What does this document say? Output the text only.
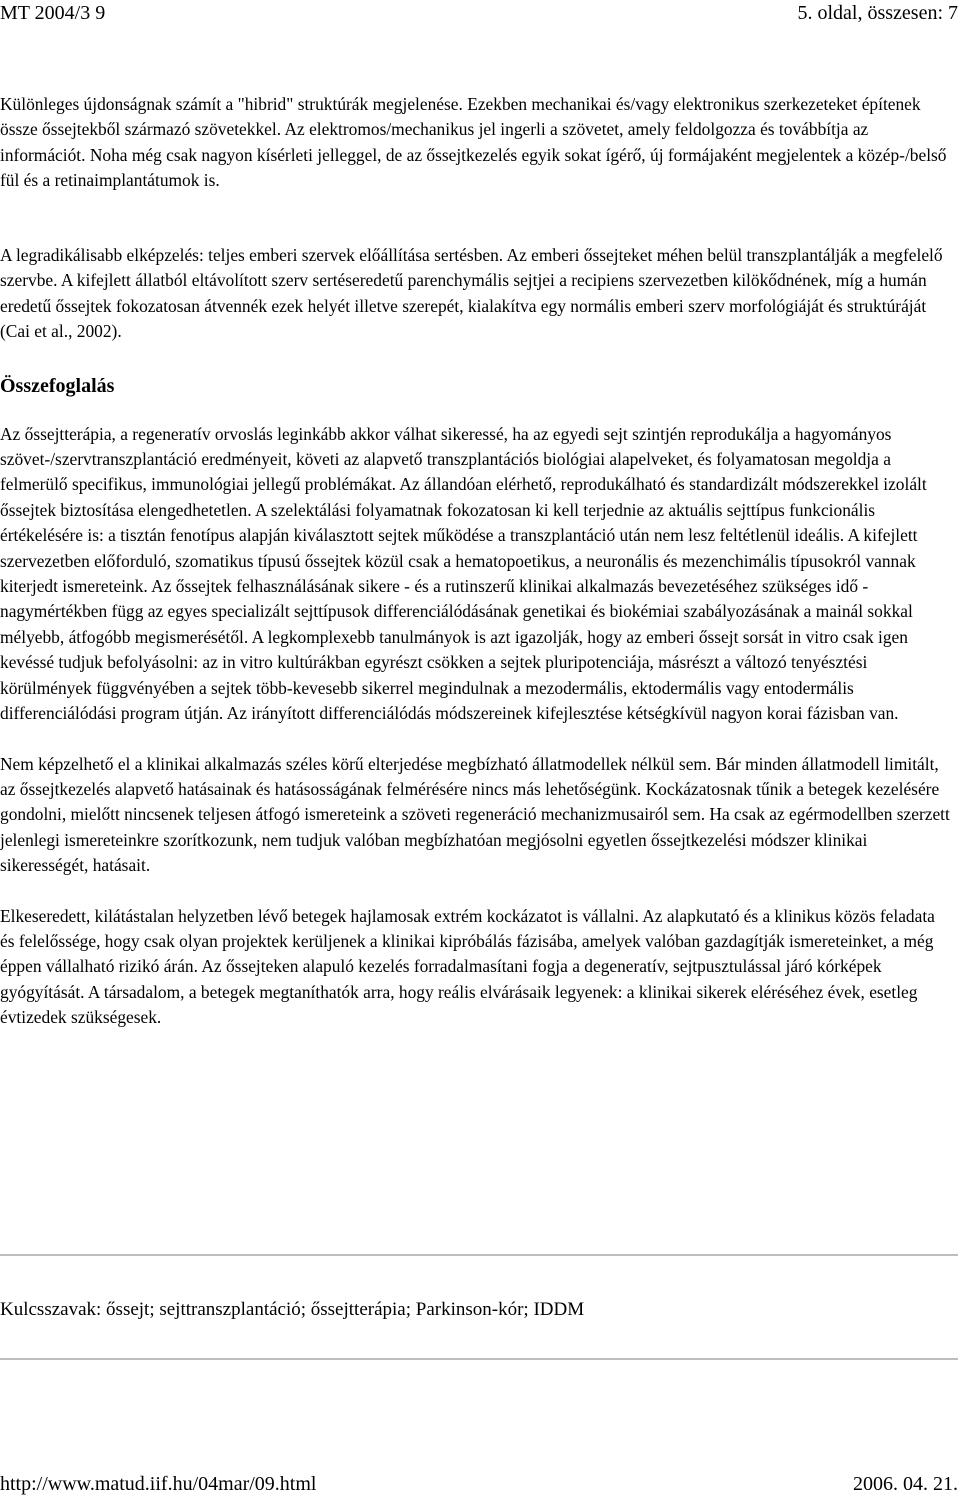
MT 2004/3 9	5. oldal, összesen: 7

Különleges újdonságnak számít a "hibrid" struktúrák megjelenése. Ezekben mechanikai és/vagy elektronikus szerkezeteket építenek össze őssejtekből származó szövetekkel. Az elektromos/mechanikus jel ingerli a szövetet, amely feldolgozza és továbbítja az információt. Noha még csak nagyon kísérleti jelleggel, de az őssejtkezelés egyik sokat ígérő, új formájaként megjelentek a közép-/belső fül és a retinaimplantátumok is.

A legradikálisabb elképzelés: teljes emberi szervek előállítása sertésben. Az emberi őssejteket méhen belül transzplantálják a megfelelő szervbe. A kifejlett állatból eltávolított szerv sertéseredetű parenchymális sejtjei a recipiens szervezetben kilökődnének, míg a humán eredetű őssejtek fokozatosan átvennék ezek helyét illetve szerepét, kialakítva egy normális emberi szerv morfológiáját és struktúráját (Cai et al., 2002).

Összefoglalás

Az őssejtterápia, a regeneratív orvoslás leginkább akkor válhat sikeressé, ha az egyedi sejt szintjén reprodukálja a hagyományos szövet-/szervtranszplantáció eredményeit, követi az alapvető transzplantációs biológiai alapelveket, és folyamatosan megoldja a felmerülő specifikus, immunológiai jellegű problémákat. Az állandóan elérhető, reprodukálható és standardizált módszerekkel izolált őssejtek biztosítása elengedhetetlen. A szelektálási folyamatnak fokozatosan ki kell terjednie az aktuális sejttípus funkcionális értékelésére is: a tisztán fenotípus alapján kiválasztott sejtek működése a transzplantáció után nem lesz feltétlenül ideális. A kifejlett szervezetben előforduló, szomatikus típusú őssejtek közül csak a hematopoetikus, a neuronális és mezenchimális típusokról vannak kiterjedt ismereteink. Az őssejtek felhasználásának sikere - és a rutinszerű klinikai alkalmazás bevezetéséhez szükséges idő - nagymértékben függ az egyes specializált sejttípusok differenciálódásának genetikai és biokémiai szabályozásának a mainál sokkal mélyebb, átfogóbb megismerésétől. A legkomplexebb tanulmányok is azt igazolják, hogy az emberi őssejt sorsát in vitro csak igen kevéssé tudjuk befolyásolni: az in vitro kultúrákban egyrészt csökken a sejtek pluripotenciája, másrészt a változó tenyésztési körülmények függvényében a sejtek több-kevesebb sikerrel megindulnak a mezodermális, ektodermális vagy entodermális differenciálódási program útján. Az irányított differenciálódás módszereinek kifejlesztése kétségkívül nagyon korai fázisban van.

Nem képzelhető el a klinikai alkalmazás széles körű elterjedése megbízható állatmodellek nélkül sem. Bár minden állatmodell limitált, az őssejtkezelés alapvető hatásainak és hatásosságának felmérésére nincs más lehetőségünk. Kockázatosnak tűnik a betegek kezelésére gondolni, mielőtt nincsenek teljesen átfogó ismereteink a szöveti regeneráció mechanizmusairól sem. Ha csak az egérmodellben szerzett jelenlegi ismereteinkre szorítkozunk, nem tudjuk valóban megbízhatóan megjósolni egyetlen őssejtkezelési módszer klinikai sikerességét, hatásait.

Elkeseredett, kilátástalan helyzetben lévő betegek hajlamosak extrém kockázatot is vállalni. Az alapkutató és a klinikus közös feladata és felelőssége, hogy csak olyan projektek kerüljenek a klinikai kipróbálás fázisába, amelyek valóban gazdagítják ismereteinket, a még éppen vállalható rizikó árán. Az őssejteken alapuló kezelés forradalmasítani fogja a degeneratív, sejtpusztulással járó kórképek gyógyítását. A társadalom, a betegek megtaníthatók arra, hogy reális elvárásaik legyenek: a klinikai sikerek eléréséhez évek, esetleg évtizedek szükségesek.

Kulcsszavak: őssejt; sejttranszplantáció; őssejtterápia; Parkinson-kór; IDDM
http://www.matud.iif.hu/04mar/09.html	2006. 04. 21.
